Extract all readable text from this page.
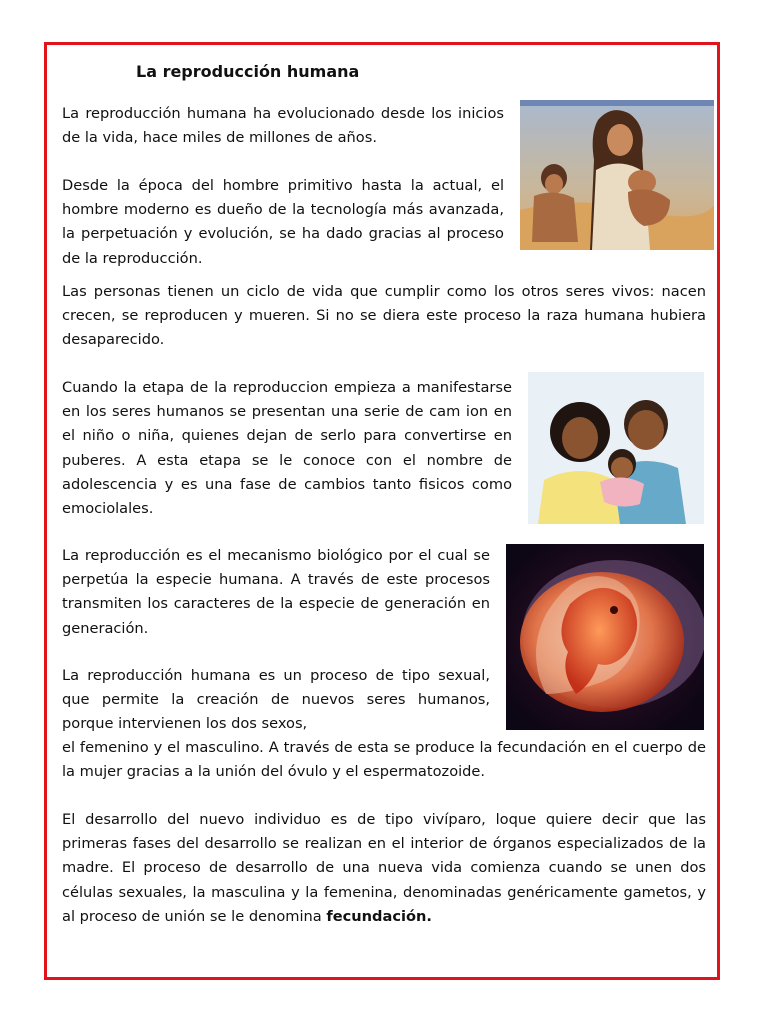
La reproducción humana

La reproducción humana ha evolucionado desde los inicios de la vida, hace miles de millones de años.

Desde la época del hombre primitivo hasta la actual, el hombre moderno es dueño de la tecnología más avanzada, la perpetuación y evolución, se ha dado gracias al proceso de la reproducción.

Las personas tienen un ciclo de vida que cumplir como los otros seres vivos: nacen crecen, se reproducen y mueren. Si no se diera este proceso la raza humana hubiera desaparecido.

Cuando la etapa de la reproduccion empieza a manifestarse en los seres humanos se presentan una serie de cam ion en el niño o niña, quienes dejan de serlo para convertirse en puberes. A esta etapa se le conoce con el nombre de adolescencia y es una fase de cambios tanto fisicos como emociolales.

La reproducción es el mecanismo biológico por el cual se perpetúa la especie humana. A través de este procesos transmiten los caracteres de la especie de generación en generación.

La reproducción humana es un proceso de tipo sexual, que permite la creación de nuevos seres humanos, porque intervienen los dos sexos,

el femenino y el masculino. A través de esta se produce la fecundación en el cuerpo de la mujer gracias a la unión del óvulo y el espermatozoide.

El desarrollo del nuevo individuo es de tipo vivíparo, loque quiere decir que las primeras fases del desarrollo se realizan en el interior de órganos especializados de la madre. El proceso de desarrollo de una nueva vida comienza cuando se unen dos células sexuales, la masculina y la femenina, denominadas genéricamente gametos, y al proceso de unión se le denomina fecundación.
